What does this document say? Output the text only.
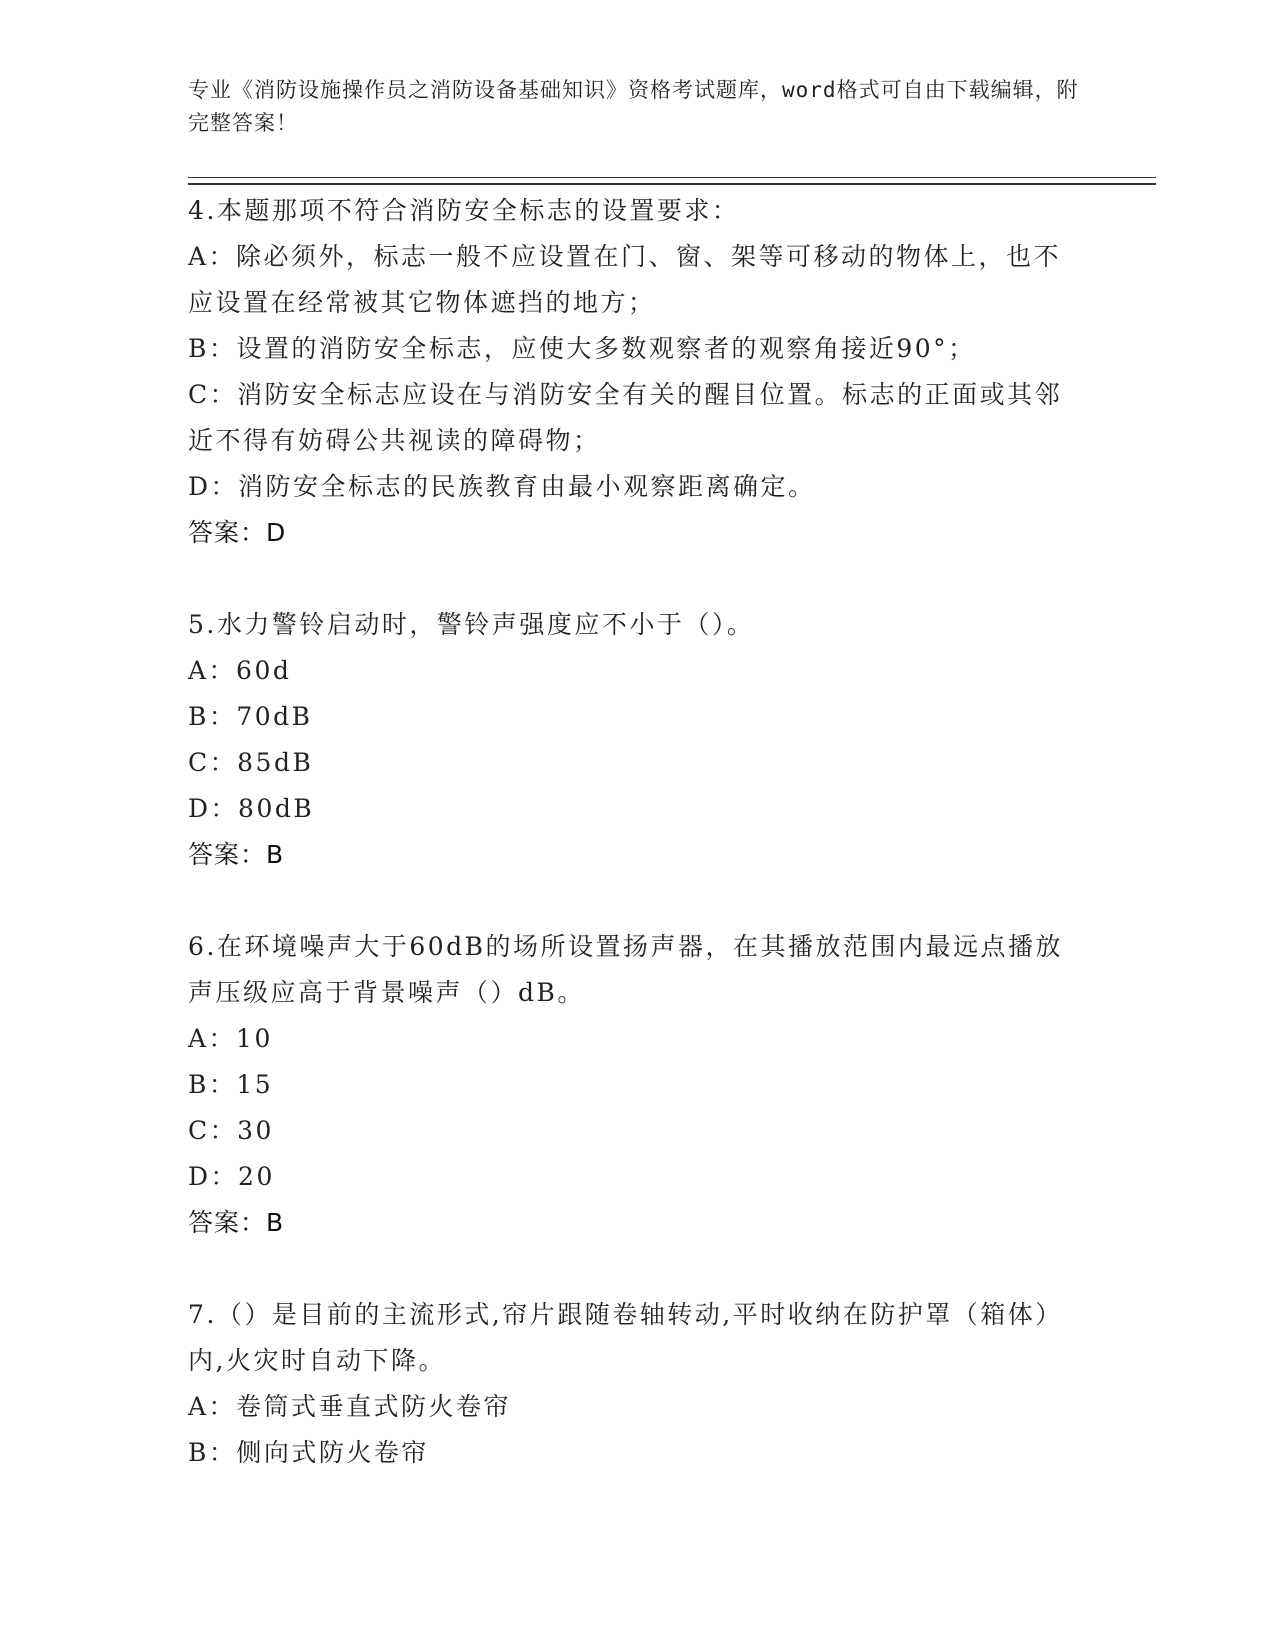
专业《消防设施操作员之消防设备基础知识》资格考试题库，word格式可自由下载编辑，附完整答案！
4.本题那项不符合消防安全标志的设置要求：
A：除必须外，标志一般不应设置在门、窗、架等可移动的物体上，也不应设置在经常被其它物体遮挡的地方；
B：设置的消防安全标志，应使大多数观察者的观察角接近90°；
C：消防安全标志应设在与消防安全有关的醒目位置。标志的正面或其邻近不得有妨碍公共视读的障碍物；
D：消防安全标志的民族教育由最小观察距离确定。
答案：D
5.水力警铃启动时，警铃声强度应不小于（）。
A：60d
B：70dB
C：85dB
D：80dB
答案：B
6.在环境噪声大于60dB的场所设置扬声器，在其播放范围内最远点播放声压级应高于背景噪声（）dB。
A：10
B：15
C：30
D：20
答案：B
7.（）是目前的主流形式,帘片跟随卷轴转动,平时收纳在防护罩（箱体）内,火灾时自动下降。
A：卷筒式垂直式防火卷帘
B：侧向式防火卷帘
